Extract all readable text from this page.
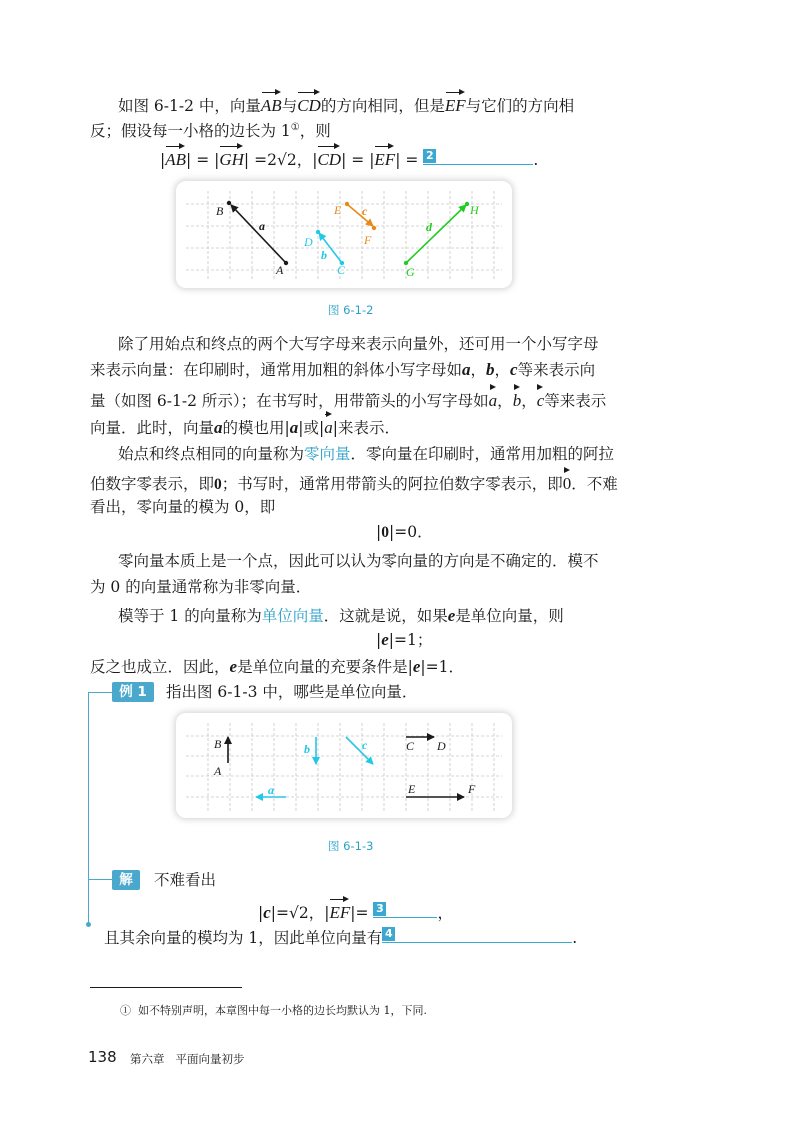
如图 6-1-2 中，向量AB与CD的方向相同，但是EF与它们的方向相
反；假设每一小格的边长为 1①，则
|AB| = |GH| =2√2，|CD| = |EF| = 2	.
A
B
a
C
D
b
E
F
c
G
H
d
图 6-1-2
除了用始点和终点的两个大写字母来表示向量外，还可用一个小写字母
来表示向量：在印刷时，通常用加粗的斜体小写字母如a，b，c等来表示向
量（如图 6-1-2 所示）；在书写时，用带箭头的小写字母如a，b，c等来表示
向量．此时，向量a的模也用|a|或|a|来表示．
始点和终点相同的向量称为零向量．零向量在印刷时，通常用加粗的阿拉
伯数字零表示，即0；书写时，通常用带箭头的阿拉伯数字零表示，即0．不难
看出，零向量的模为 0，即
|0|=0．
零向量本质上是一个点，因此可以认为零向量的方向是不确定的．模不
为 0 的向量通常称为非零向量．
模等于 1 的向量称为单位向量．这就是说，如果e是单位向量，则
|e|=1；
反之也成立．因此，e是单位向量的充要条件是|e|=1．
例 1	指出图 6-1-3 中，哪些是单位向量．
B
A
a
b	c	C D
E	F
图 6-1-3
解	不难看出
|c|=√2，|EF|= 3	，
且其余向量的模均为 1，因此单位向量有 4	.
① 如不特别声明，本章图中每一小格的边长均默认为 1，下同.
138 第六章 平面向量初步
